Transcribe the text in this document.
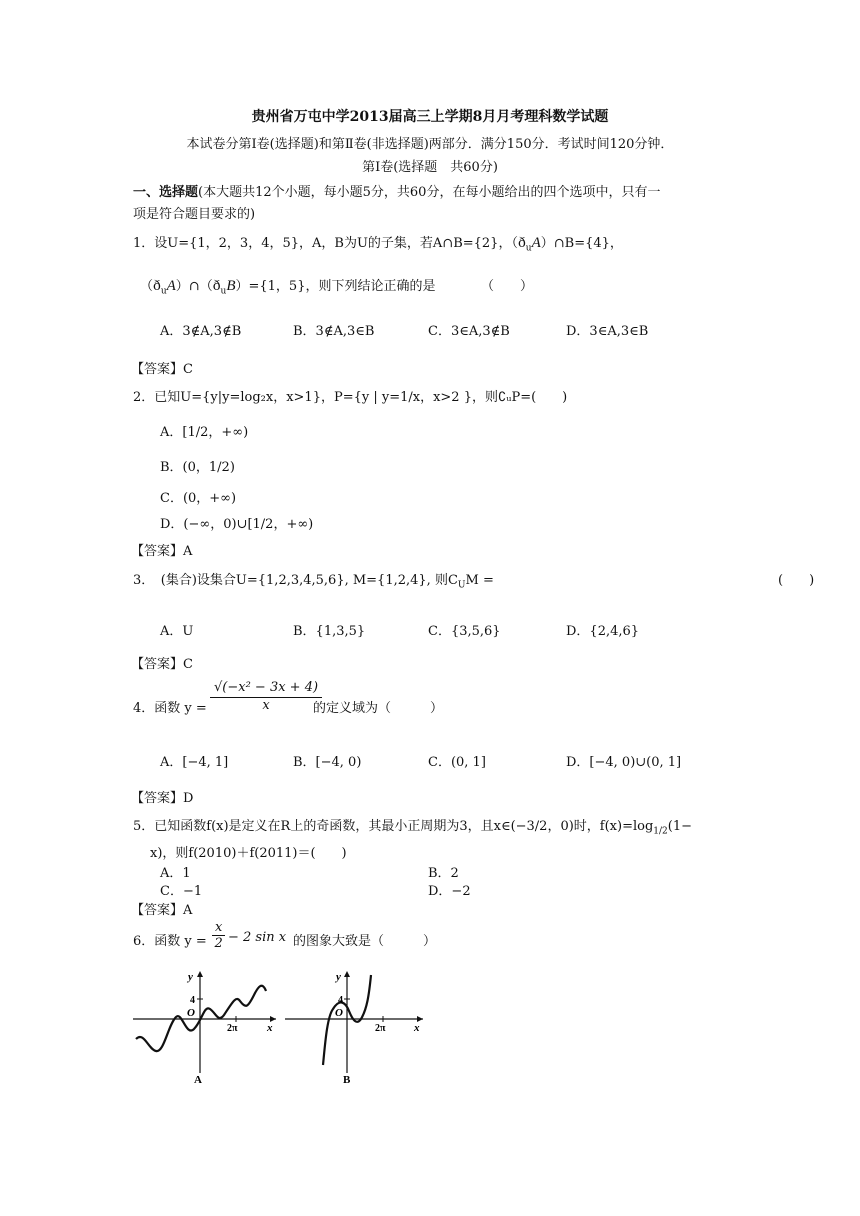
贵州省万屯中学2013届高三上学期8月月考理科数学试题
本试卷分第Ⅰ卷(选择题)和第Ⅱ卷(非选择题)两部分．满分150分．考试时间120分钟．
第Ⅰ卷(选择题　共60分)
一、选择题(本大题共12个小题，每小题5分，共60分，在每小题给出的四个选项中，只有一
项是符合题目要求的)
1．设U={1，2，3，4，5}，A，B为U的子集，若A∩B={2}，$(ð_uA)\cap B=\{4\}$，
$(ð_uA)\cap(ð_uB)=\{1$，5}，则下列结论正确的是　　　　（　　）
A．3∉A,3∉B	B．3∉A,3∈B	C．3∈A,3∉B	D．3∈A,3∈B
【答案】C
2．已知U={y|y=log₂x，x>1}，P={y | y=1/x，x>2 }，则∁ᵤP=(　　)
A．[1/2，+∞)
B．(0，1/2)
C．(0，+∞)
D．(−∞，0)∪[1/2，+∞)
【答案】A
3．　(集合)设集合U={1,2,3,4,5,6}, M={1,2,4}, 则$C_UM$ =	(　　)
A．U	B．{1,3,5}	C．{3,5,6}	D．{2,4,6}
【答案】C
4．函数 $y = \frac{\text{√(−x² − 3x + 4)}}{x}$
的定义域为（　　　）
A．[−4, 1]	B．[−4, 0)	C．(0, 1]	D．[−4, 0)∪(0, 1]
【答案】D
5．已知函数f(x)是定义在R上的奇函数，其最小正周期为3，且x∈(−3/2，0)时，$f(x)=\log_{1/2}(1-$
x)，则f(2010)＋f(2011)＝(　　)
A．1	B．2
C．−1	D．−2
【答案】A
6．函数 $y = \frac{x}{2} - 2$ sin x 的图象大致是（　　　）
y
4
O
2π	x
A
y
4
O
2π	x
B
